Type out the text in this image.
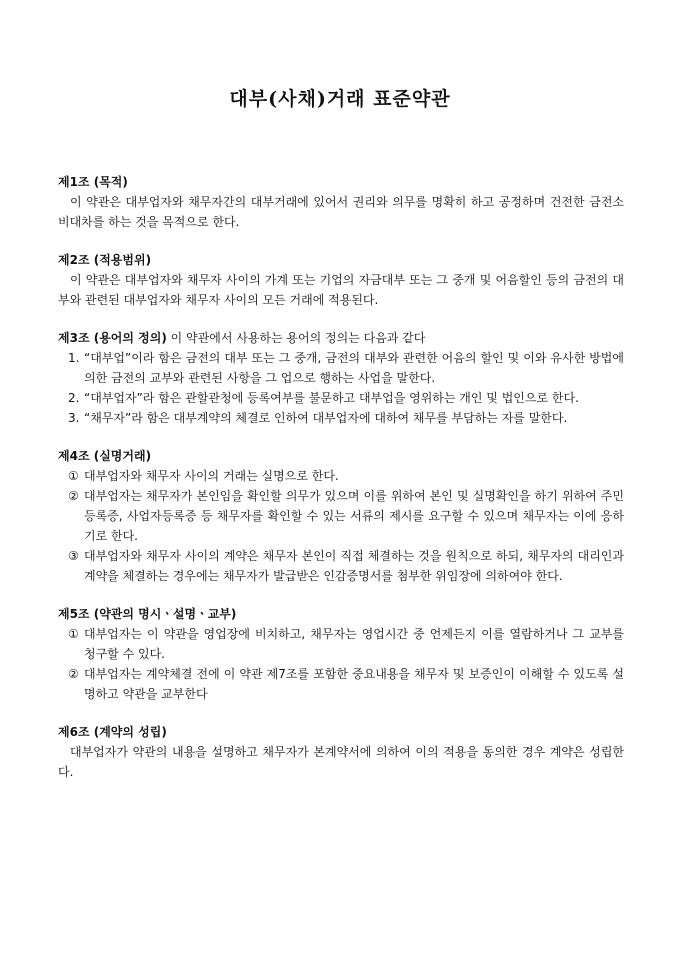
대부(사채)거래 표준약관
제1조 (목적)
이 약관은 대부업자와 채무자간의 대부거래에 있어서 권리와 의무를 명확히 하고 공정하며 건전한 금전소비대차를 하는 것을 목적으로 한다.
제2조 (적용범위)
이 약관은 대부업자와 채무자 사이의 가계 또는 기업의 자금대부 또는 그 중개 및 어음할인 등의 금전의 대부와 관련된 대부업자와 채무자 사이의 모든 거래에 적용된다.
제3조 (용어의 정의) 이 약관에서 사용하는 용어의 정의는 다음과 같다
1. “대부업”이라 함은 금전의 대부 또는 그 중개, 금전의 대부와 관련한 어음의 할인 및 이와 유사한 방법에 의한 금전의 교부와 관련된 사항을 그 업으로 행하는 사업을 말한다.
2. “대부업자”라 함은 관할관청에 등록여부를 불문하고 대부업을 영위하는 개인 및 법인으로 한다.
3. “채무자”라 함은 대부계약의 체결로 인하여 대부업자에 대하여 채무를 부담하는 자를 말한다.
제4조 (실명거래)
① 대부업자와 채무자 사이의 거래는 실명으로 한다.
② 대부업자는 채무자가 본인임을 확인할 의무가 있으며 이를 위하여 본인 및 실명확인을 하기 위하여 주민등록증, 사업자등록증 등 채무자를 확인할 수 있는 서류의 제시를 요구할 수 있으며 채무자는 이에 응하기로 한다.
③ 대부업자와 채무자 사이의 계약은 채무자 본인이 직접 체결하는 것을 원칙으로 하되, 채무자의 대리인과 계약을 체결하는 경우에는 채무자가 발급받은 인감증명서를 첨부한 위임장에 의하여야 한다.
제5조 (약관의 명시ㆍ설명ㆍ교부)
① 대부업자는 이 약관을 영업장에 비치하고, 채무자는 영업시간 중 언제든지 이를 열람하거나 그 교부를 청구할 수 있다.
② 대부업자는 계약체결 전에 이 약관 제7조를 포함한 중요내용을 채무자 및 보증인이 이해할 수 있도록 설명하고 약관을 교부한다
제6조 (계약의 성립)
대부업자가 약관의 내용을 설명하고 채무자가 본계약서에 의하여 이의 적용을 동의한 경우 계약은 성립한다.
